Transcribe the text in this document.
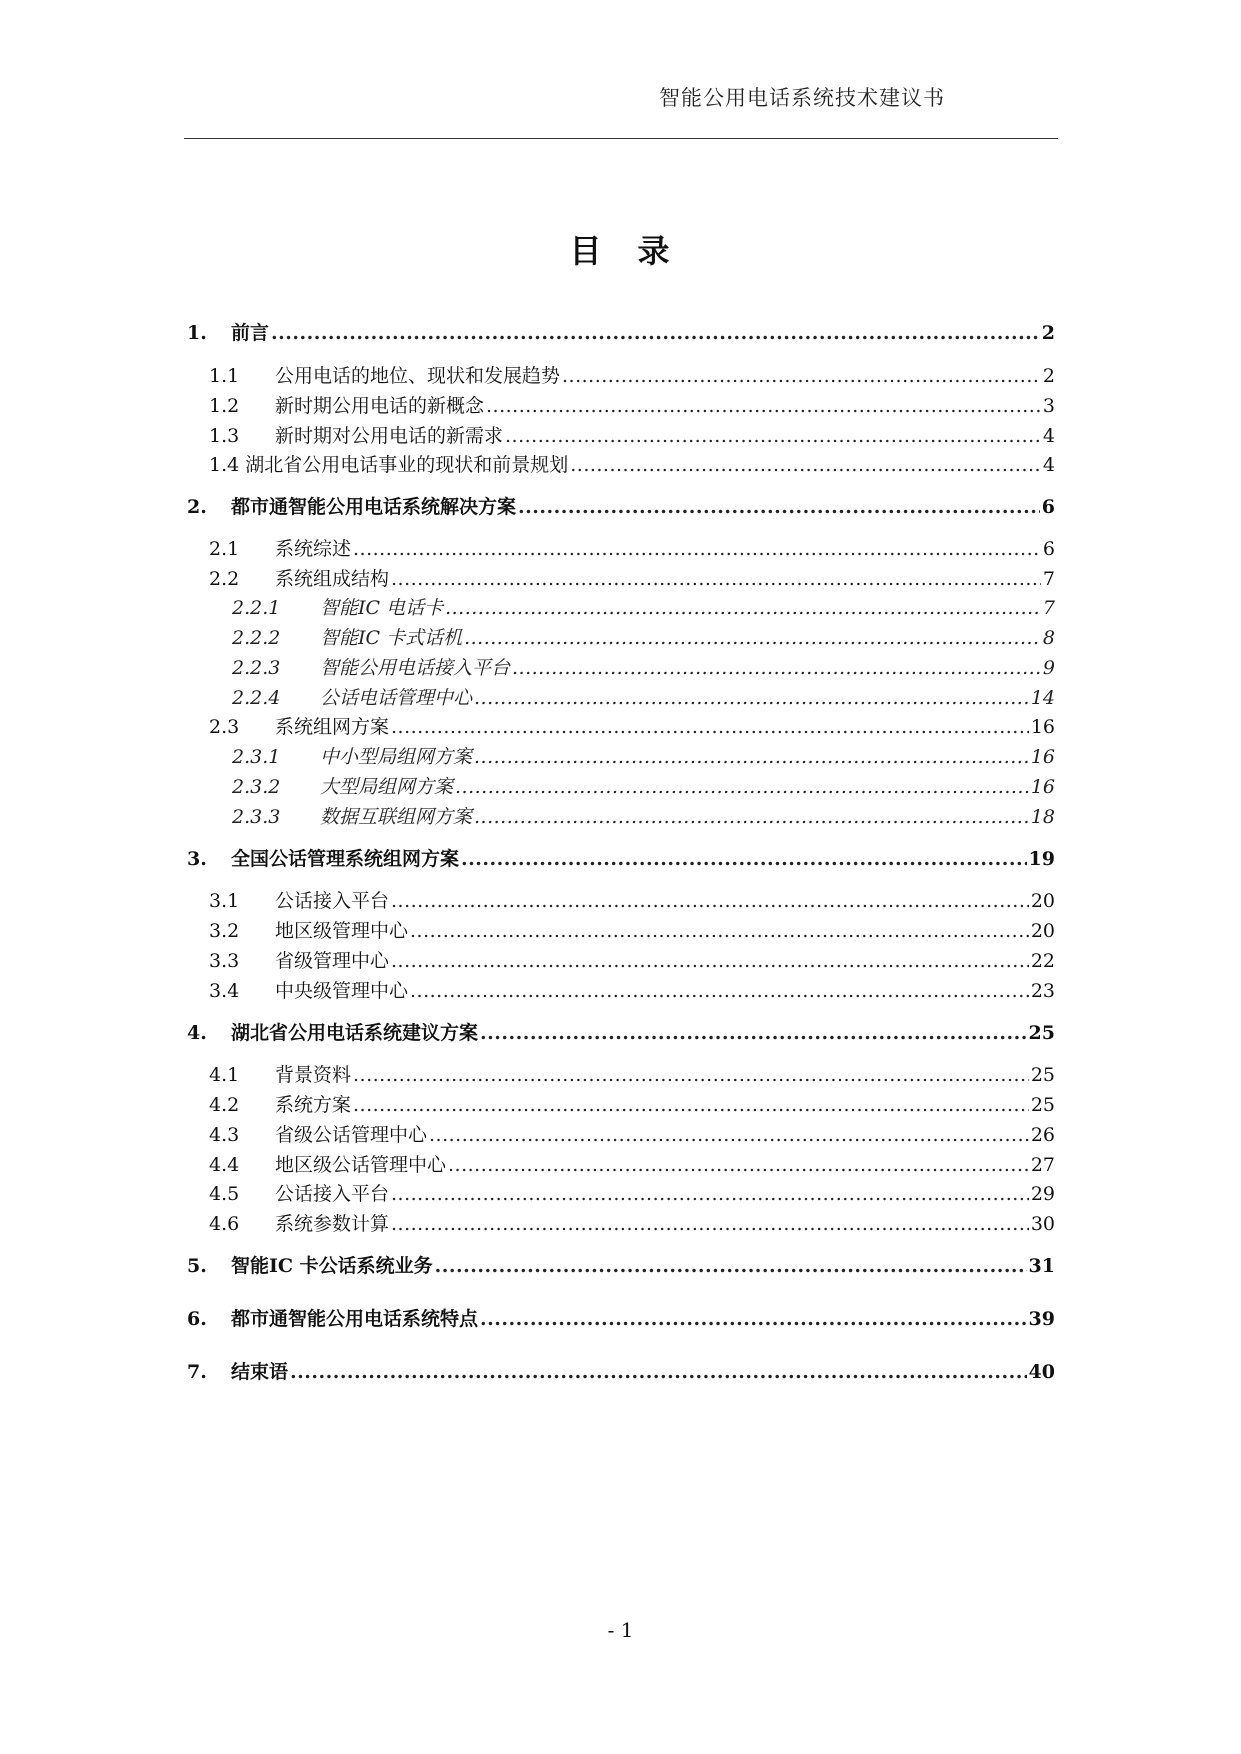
智能公用电话系统技术建议书
目　录
1.	前言 .....	2
1.1	公用电话的地位、现状和发展趋势 .....	2
1.2	新时期公用电话的新概念 .....	3
1.3	新时期对公用电话的新需求 .....	4
1.4 湖北省公用电话事业的现状和前景规划 .....	4
2.	都市通智能公用电话系统解决方案 .....	6
2.1	系统综述 .....	6
2.2	系统组成结构 .....	7
2.2.1	智能IC 电话卡 .....	7
2.2.2	智能IC 卡式话机 .....	8
2.2.3	智能公用电话接入平台 .....	9
2.2.4	公话电话管理中心 .....	14
2.3	系统组网方案 .....	16
2.3.1	中小型局组网方案 .....	16
2.3.2	大型局组网方案 .....	16
2.3.3	数据互联组网方案 .....	18
3.	全国公话管理系统组网方案 .....	19
3.1	公话接入平台 .....	20
3.2	地区级管理中心 .....	20
3.3	省级管理中心 .....	22
3.4	中央级管理中心 .....	23
4.	湖北省公用电话系统建议方案 .....	25
4.1	背景资料 .....	25
4.2	系统方案 .....	25
4.3	省级公话管理中心 .....	26
4.4	地区级公话管理中心 .....	27
4.5	公话接入平台 .....	29
4.6	系统参数计算 .....	30
5.	智能IC 卡公话系统业务 .....	31
6.	都市通智能公用电话系统特点 .....	39
7.	结束语 .....	40
- 1
